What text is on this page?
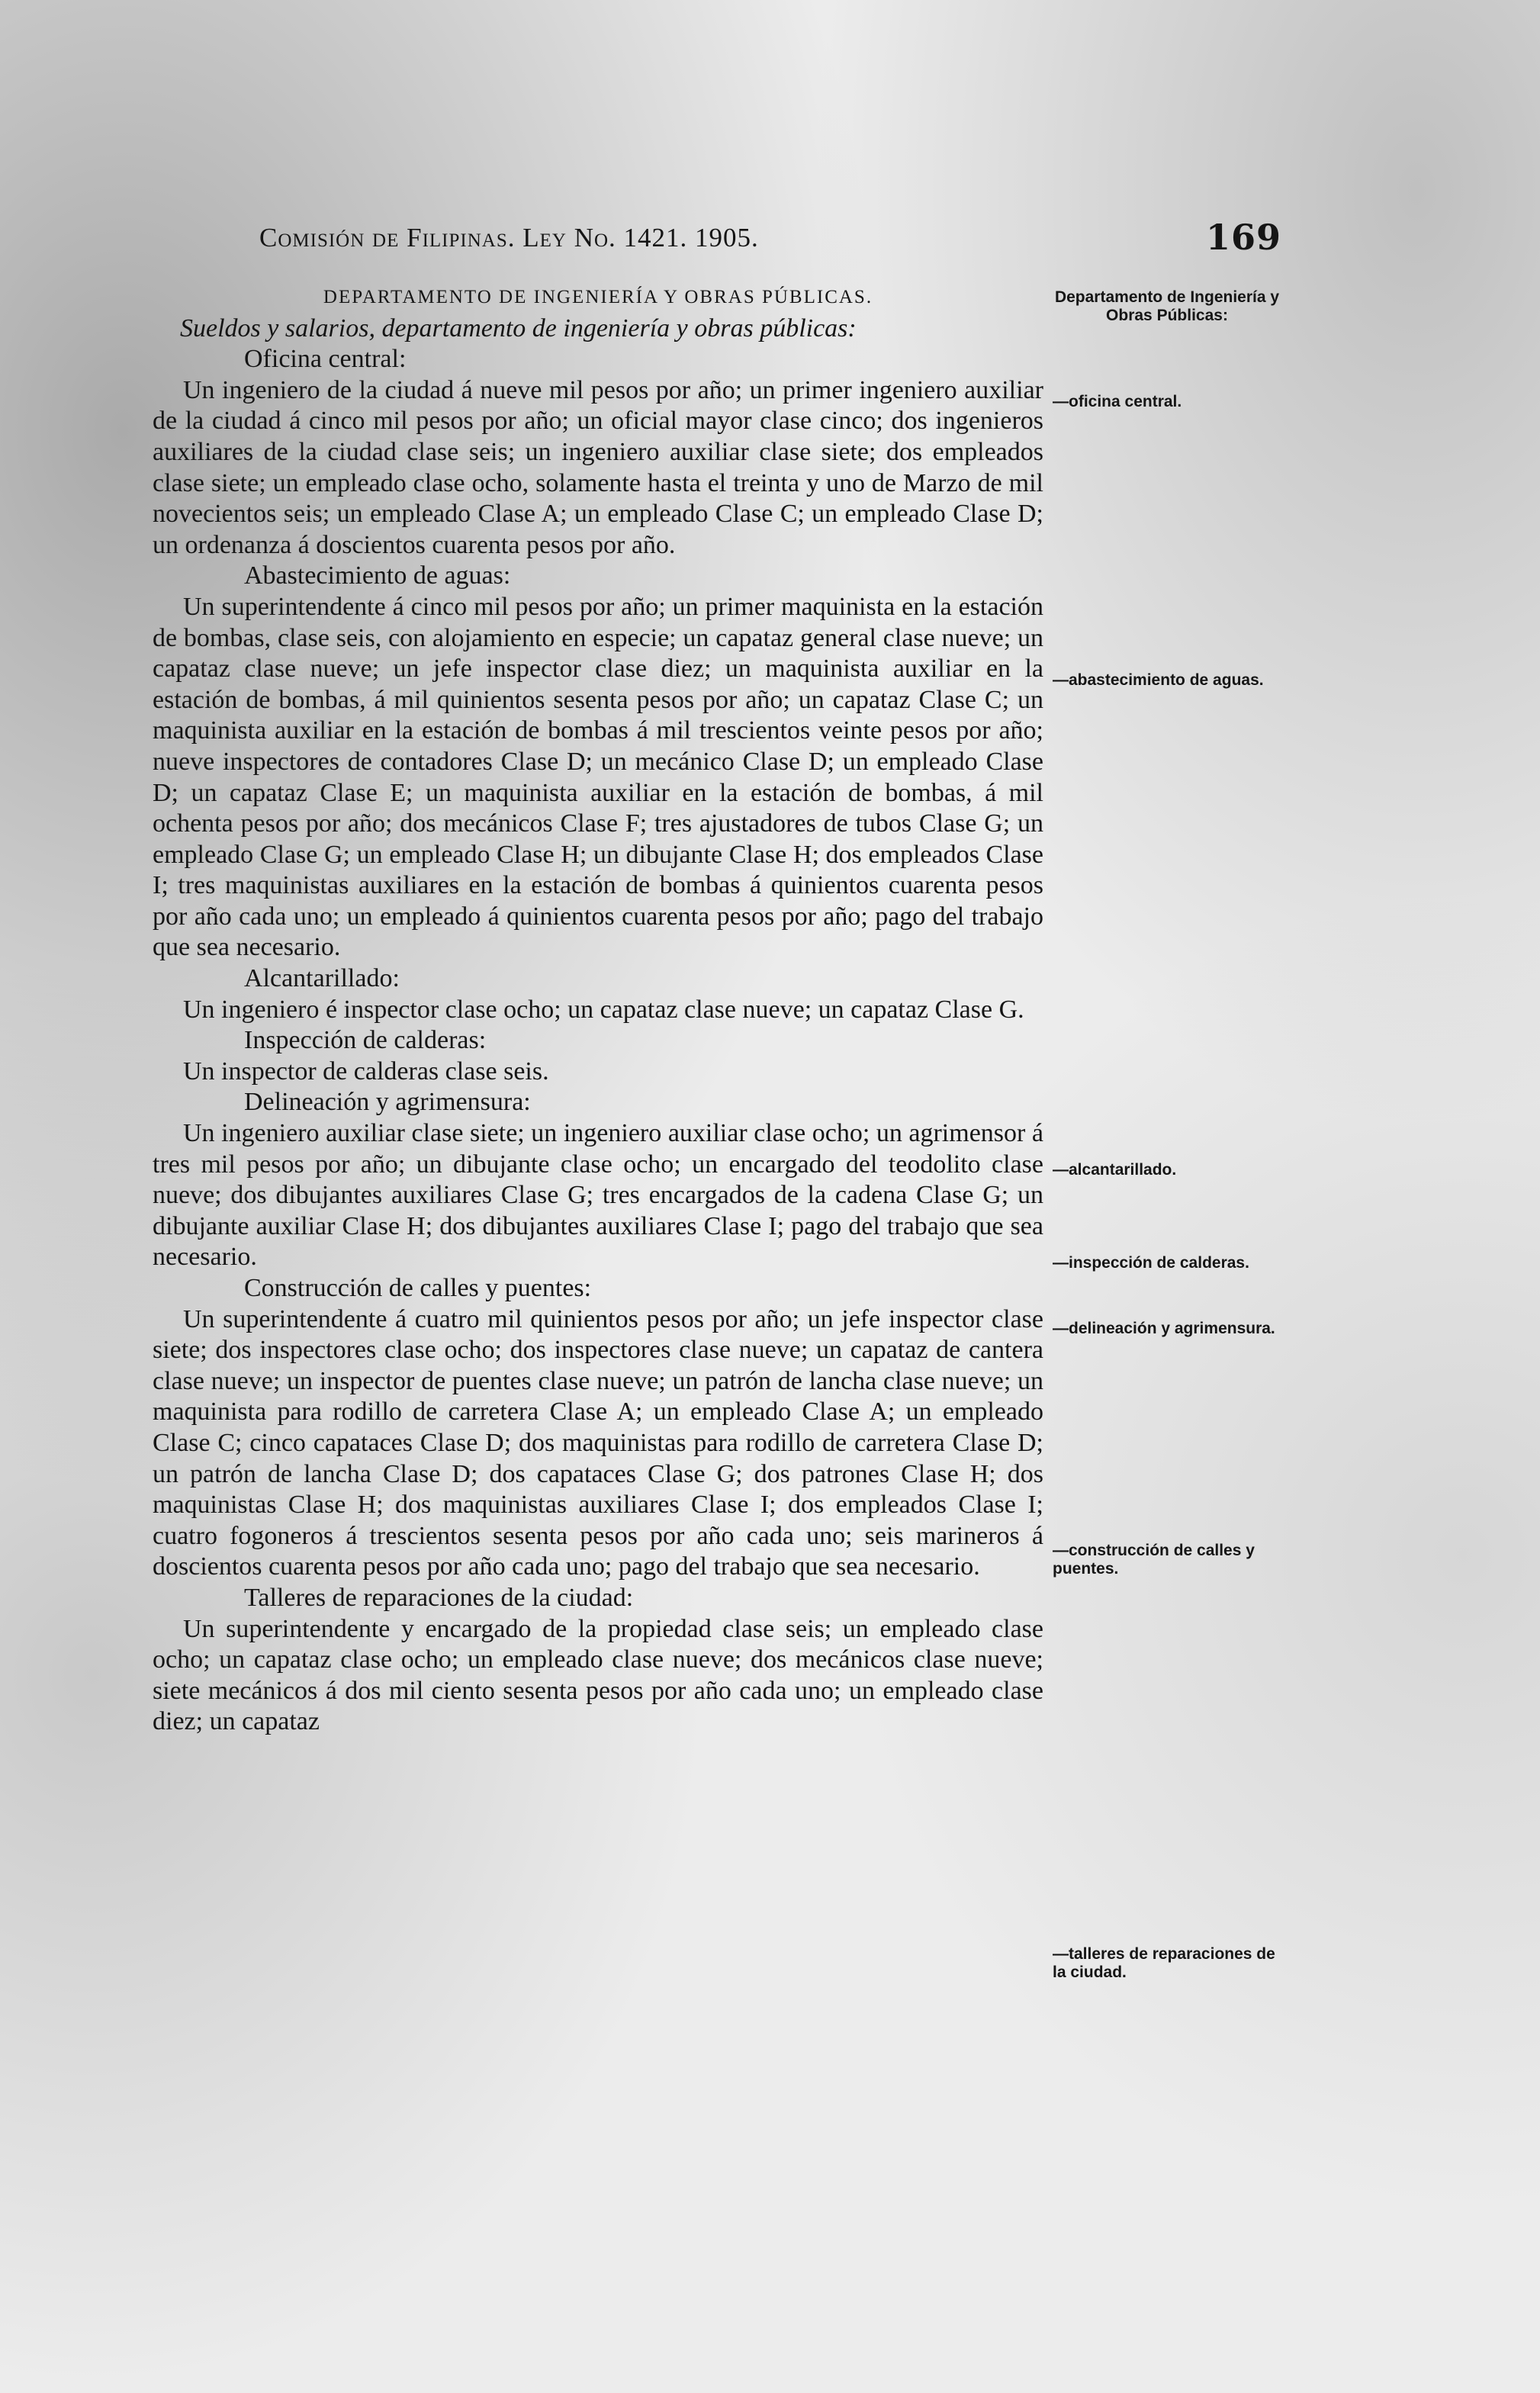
Comisión de Filipinas. Ley No. 1421. 1905.	169

DEPARTAMENTO DE INGENIERÍA Y OBRAS PÚBLICAS.

Sueldos y salarios, departamento de ingeniería y obras públicas:

Oficina central:

Un ingeniero de la ciudad á nueve mil pesos por año; un primer ingeniero auxiliar de la ciudad á cinco mil pesos por año; un oficial mayor clase cinco; dos ingenieros auxiliares de la ciudad clase seis; un ingeniero auxiliar clase siete; dos empleados clase siete; un empleado clase ocho, solamente hasta el treinta y uno de Marzo de mil novecientos seis; un empleado Clase A; un empleado Clase C; un empleado Clase D; un ordenanza á doscientos cuarenta pesos por año.

Abastecimiento de aguas:

Un superintendente á cinco mil pesos por año; un primer maquinista en la estación de bombas, clase seis, con alojamiento en especie; un capataz general clase nueve; un capataz clase nueve; un jefe inspector clase diez; un maquinista auxiliar en la estación de bombas, á mil quinientos sesenta pesos por año; un capataz Clase C; un maquinista auxiliar en la estación de bombas á mil trescientos veinte pesos por año; nueve inspectores de contadores Clase D; un mecánico Clase D; un empleado Clase D; un capataz Clase E; un maquinista auxiliar en la estación de bombas, á mil ochenta pesos por año; dos mecánicos Clase F; tres ajustadores de tubos Clase G; un empleado Clase G; un empleado Clase H; un dibujante Clase H; dos empleados Clase I; tres maquinistas auxiliares en la estación de bombas á quinientos cuarenta pesos por año cada uno; un empleado á quinientos cuarenta pesos por año; pago del trabajo que sea necesario.

Alcantarillado:

Un ingeniero é inspector clase ocho; un capataz clase nueve; un capataz Clase G.

Inspección de calderas:

Un inspector de calderas clase seis.

Delineación y agrimensura:

Un ingeniero auxiliar clase siete; un ingeniero auxiliar clase ocho; un agrimensor á tres mil pesos por año; un dibujante clase ocho; un encargado del teodolito clase nueve; dos dibujantes auxiliares Clase G; tres encargados de la cadena Clase G; un dibujante auxiliar Clase H; dos dibujantes auxiliares Clase I; pago del trabajo que sea necesario.

Construcción de calles y puentes:

Un superintendente á cuatro mil quinientos pesos por año; un jefe inspector clase siete; dos inspectores clase ocho; dos inspectores clase nueve; un capataz de cantera clase nueve; un inspector de puentes clase nueve; un patrón de lancha clase nueve; un maquinista para rodillo de carretera Clase A; un empleado Clase A; un empleado Clase C; cinco capataces Clase D; dos maquinistas para rodillo de carretera Clase D; un patrón de lancha Clase D; dos capataces Clase G; dos patrones Clase H; dos maquinistas Clase H; dos maquinistas auxiliares Clase I; dos empleados Clase I; cuatro fogoneros á trescientos sesenta pesos por año cada uno; seis marineros á doscientos cuarenta pesos por año cada uno; pago del trabajo que sea necesario.

Talleres de reparaciones de la ciudad:

Un superintendente y encargado de la propiedad clase seis; un empleado clase ocho; un capataz clase ocho; un empleado clase nueve; dos mecánicos clase nueve; siete mecánicos á dos mil ciento sesenta pesos por año cada uno; un empleado clase diez; un capataz

Departamento de Ingeniería y Obras Públicas:
—oficina central.
—abastecimiento de aguas.
—alcantarillado.
—inspección de calderas.
—delineación y agrimensura.
—construcción de calles y puentes.
—talleres de reparaciones de la ciudad.
